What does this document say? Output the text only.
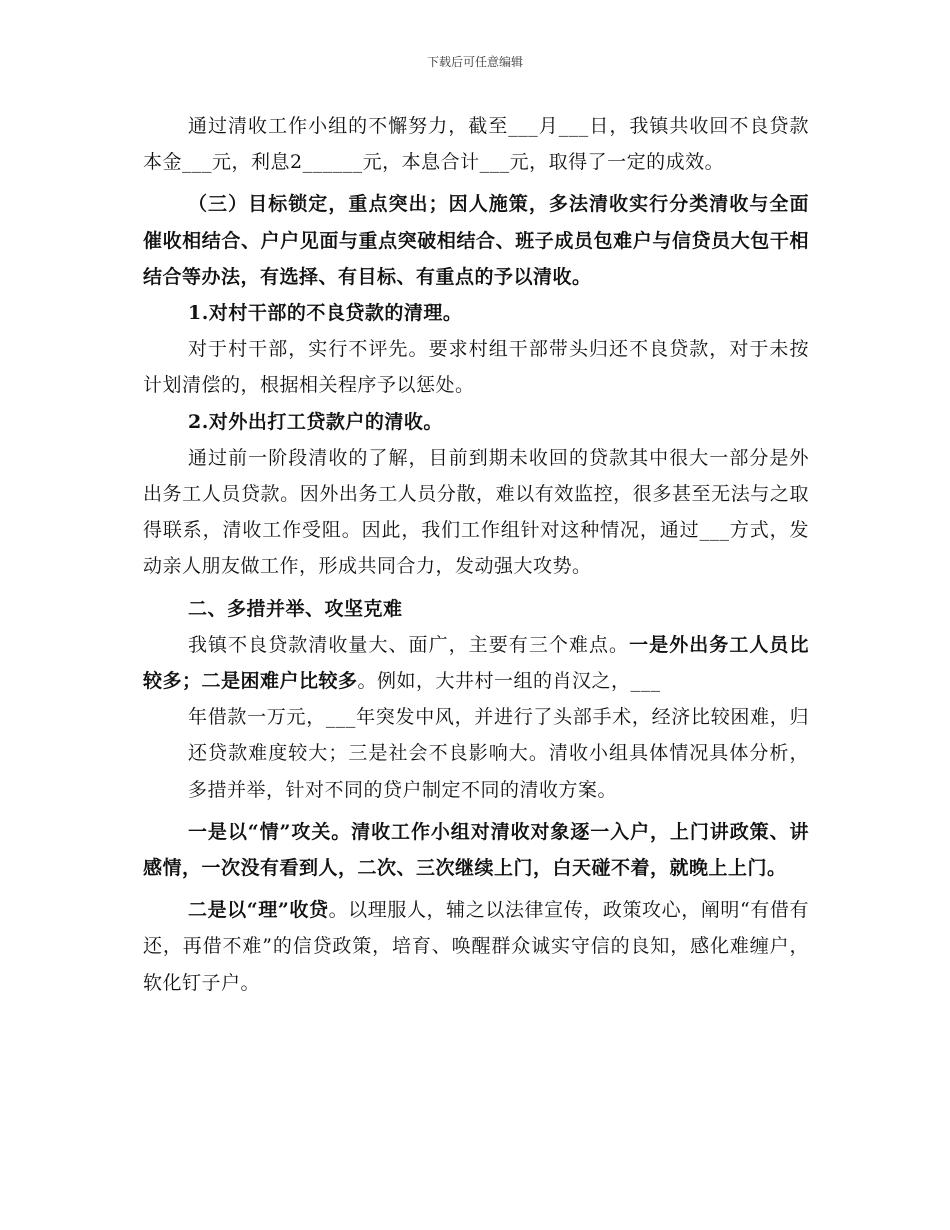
下载后可任意编辑

通过清收工作小组的不懈努力，截至___月___日，我镇共收回不良贷款本金___元，利息2______元，本息合计___元，取得了一定的成效。

（三）目标锁定，重点突出；因人施策，多法清收实行分类清收与全面催收相结合、户户见面与重点突破相结合、班子成员包难户与信贷员大包干相结合等办法，有选择、有目标、有重点的予以清收。

1.对村干部的不良贷款的清理。

对于村干部，实行不评先。要求村组干部带头归还不良贷款，对于未按计划清偿的，根据相关程序予以惩处。

2.对外出打工贷款户的清收。

通过前一阶段清收的了解，目前到期未收回的贷款其中很大一部分是外出务工人员贷款。因外出务工人员分散，难以有效监控，很多甚至无法与之取得联系，清收工作受阻。因此，我们工作组针对这种情况，通过___方式，发动亲人朋友做工作，形成共同合力，发动强大攻势。

二、多措并举、攻坚克难

我镇不良贷款清收量大、面广，主要有三个难点。一是外出务工人员比较多；二是困难户比较多。例如，大井村一组的肖汉之，___

年借款一万元，___年突发中风，并进行了头部手术，经济比较困难，归还贷款难度较大；三是社会不良影响大。清收小组具体情况具体分析，多措并举，针对不同的贷户制定不同的清收方案。

一是以“情”攻关。清收工作小组对清收对象逐一入户，上门讲政策、讲感情，一次没有看到人，二次、三次继续上门，白天碰不着，就晚上上门。

二是以“理”收贷。以理服人，辅之以法律宣传，政策攻心，阐明“有借有还，再借不难”的信贷政策，培育、唤醒群众诚实守信的良知，感化难缠户，软化钉子户。
